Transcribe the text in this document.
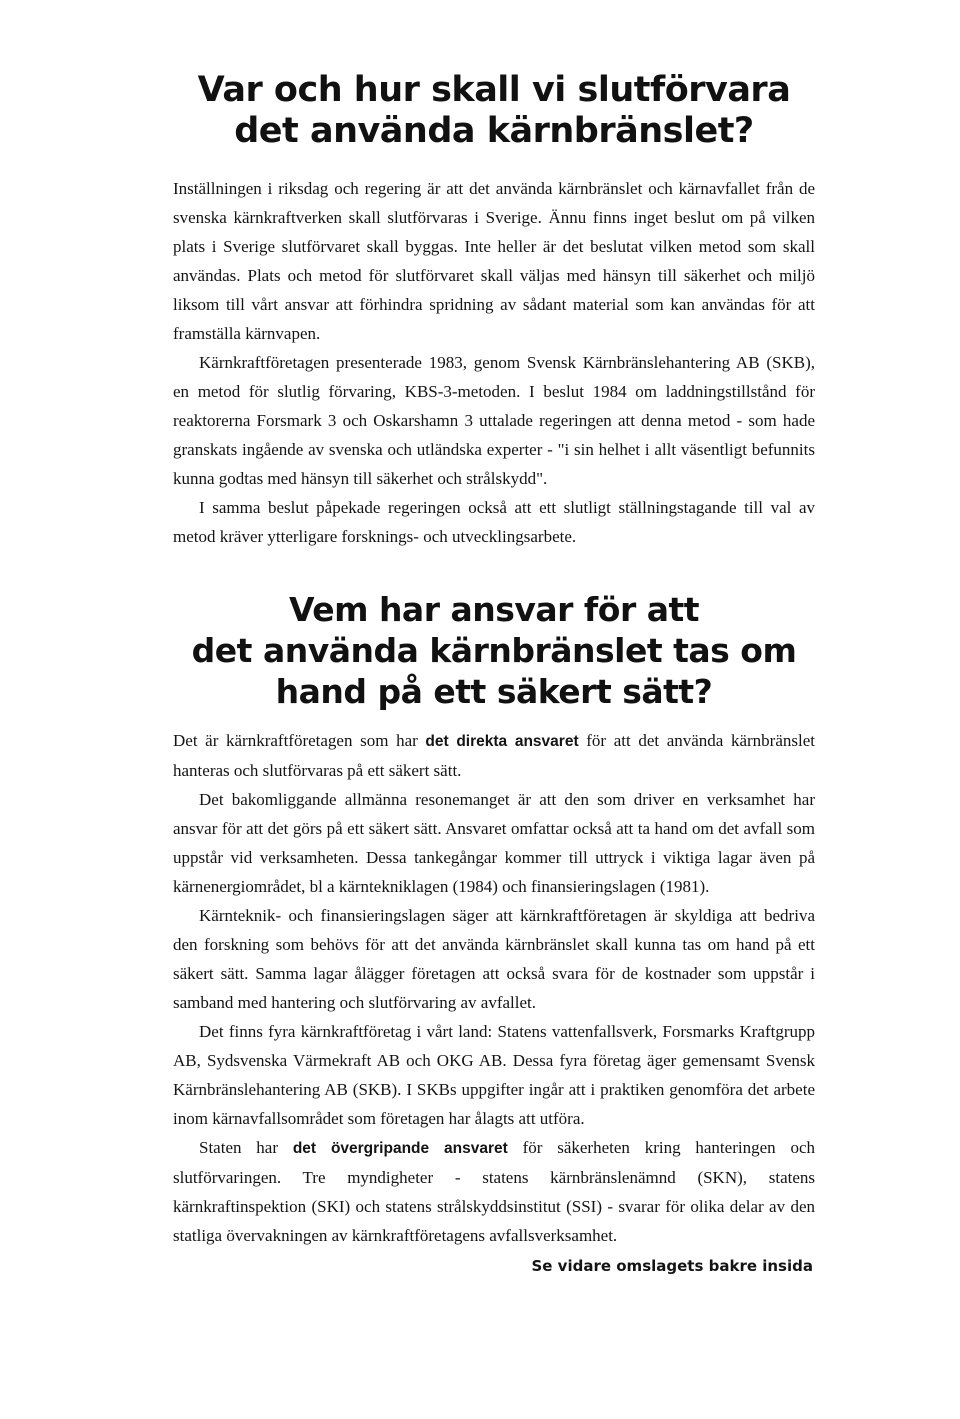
Var och hur skall vi slutförvara
det använda kärnbränslet?

Inställningen i riksdag och regering är att det använda kärnbränslet och kärnavfallet från de svenska kärnkraftverken skall slutförvaras i Sverige. Ännu finns inget beslut om på vilken plats i Sverige slutförvaret skall byggas. Inte heller är det beslutat vilken metod som skall användas. Plats och metod för slutförvaret skall väljas med hänsyn till säkerhet och miljö liksom till vårt ansvar att förhindra spridning av sådant material som kan användas för att framställa kärnvapen.

Kärnkraftföretagen presenterade 1983, genom Svensk Kärnbränslehantering AB (SKB), en metod för slutlig förvaring, KBS-3-metoden. I beslut 1984 om laddningstillstånd för reaktorerna Forsmark 3 och Oskarshamn 3 uttalade regeringen att denna metod - som hade granskats ingående av svenska och utländska experter - "i sin helhet i allt väsentligt befunnits kunna godtas med hänsyn till säkerhet och strålskydd".

I samma beslut påpekade regeringen också att ett slutligt ställningstagande till val av metod kräver ytterligare forsknings- och utvecklingsarbete.

Vem har ansvar för att
det använda kärnbränslet tas om
hand på ett säkert sätt?

Det är kärnkraftföretagen som har det direkta ansvaret för att det använda kärnbränslet hanteras och slutförvaras på ett säkert sätt.

Det bakomliggande allmänna resonemanget är att den som driver en verksamhet har ansvar för att det görs på ett säkert sätt. Ansvaret omfattar också att ta hand om det avfall som uppstår vid verksamheten. Dessa tankegångar kommer till uttryck i viktiga lagar även på kärnenergiområdet, bl a kärntekniklagen (1984) och finansieringslagen (1981).

Kärnteknik- och finansieringslagen säger att kärnkraftföretagen är skyldiga att bedriva den forskning som behövs för att det använda kärnbränslet skall kunna tas om hand på ett säkert sätt. Samma lagar ålägger företagen att också svara för de kostnader som uppstår i samband med hantering och slutförvaring av avfallet.

Det finns fyra kärnkraftföretag i vårt land: Statens vattenfallsverk, Forsmarks Kraftgrupp AB, Sydsvenska Värmekraft AB och OKG AB. Dessa fyra företag äger gemensamt Svensk Kärnbränslehantering AB (SKB). I SKBs uppgifter ingår att i praktiken genomföra det arbete inom kärnavfallsområdet som företagen har ålagts att utföra.

Staten har det övergripande ansvaret för säkerheten kring hanteringen och slutförvaringen. Tre myndigheter - statens kärnbränslenämnd (SKN), statens kärnkraftinspektion (SKI) och statens strålskyddsinstitut (SSI) - svarar för olika delar av den statliga övervakningen av kärnkraftföretagens avfallsverksamhet.

Se vidare omslagets bakre insida
